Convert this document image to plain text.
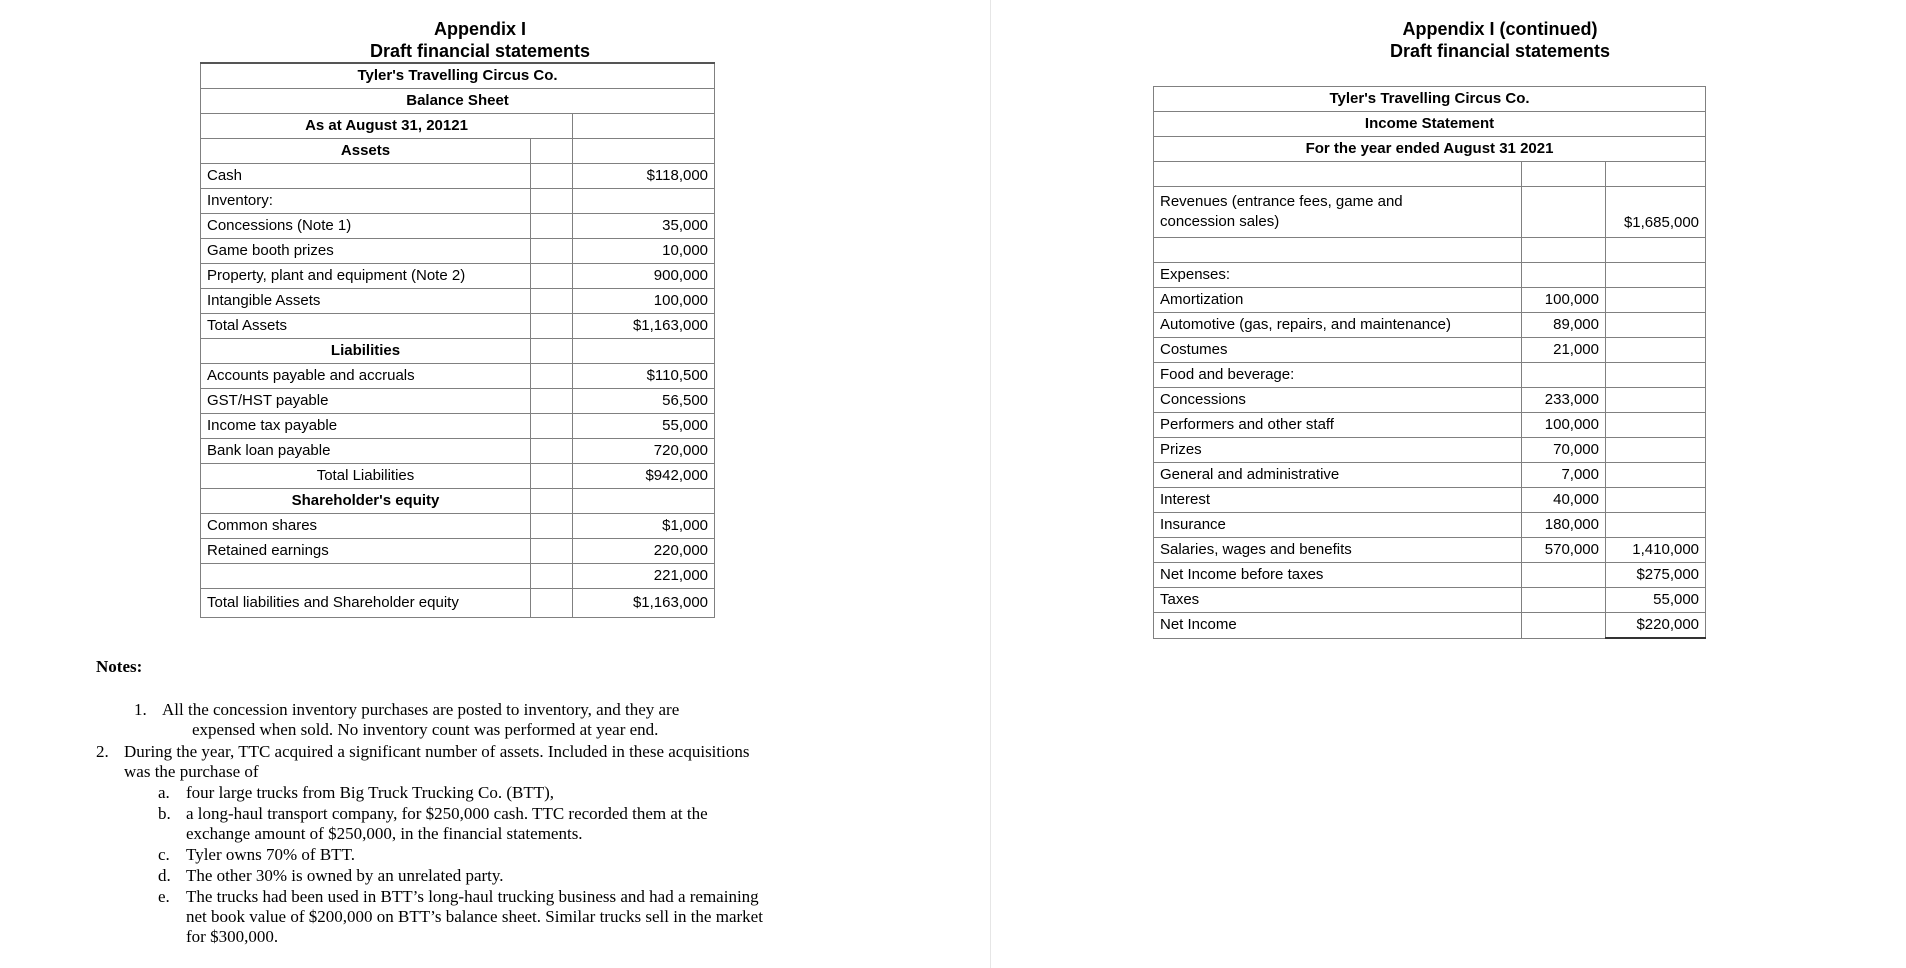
Appendix I
Draft financial statements
Tyler's Travelling Circus Co.		
Balance Sheet		
As at August 31, 20121		
Assets		
Cash		$118,000
Inventory:		
Concessions (Note 1)		35,000
Game booth prizes		10,000
Property, plant and equipment (Note 2)		900,000
Intangible Assets		100,000
Total Assets		$1,163,000
Liabilities		
Accounts payable and accruals		$110,500
GST/HST payable		56,500
Income tax payable		55,000
Bank loan payable		720,000
Total Liabilities		$942,000
Shareholder's equity		
Common shares		$1,000
Retained earnings		220,000
		221,000
Total liabilities and Shareholder equity		$1,163,000
Appendix I (continued)
Draft financial statements
Tyler's Travelling Circus Co.		
Income Statement		
For the year ended August 31 2021		

Revenues (entrance fees, game and
concession sales)		$1,685,000

Expenses:		
Amortization	100,000	
Automotive (gas, repairs, and maintenance)	89,000	
Costumes	21,000	
Food and beverage:		
Concessions	233,000	
Performers and other staff	100,000	
Prizes	70,000	
General and administrative	7,000	
Interest	40,000	
Insurance	180,000	
Salaries, wages and benefits	570,000	1,410,000
Net Income before taxes		$275,000
Taxes		55,000
Net Income		$220,000
Notes:
1. All the concession inventory purchases are posted to inventory, and they are
expensed when sold. No inventory count was performed at year end.
2. During the year, TTC acquired a significant number of assets. Included in these acquisitions
was the purchase of
a. four large trucks from Big Truck Trucking Co. (BTT),
b. a long-haul transport company, for $250,000 cash. TTC recorded them at the
exchange amount of $250,000, in the financial statements.
c. Tyler owns 70% of BTT.
d. The other 30% is owned by an unrelated party.
e. The trucks had been used in BTT’s long-haul trucking business and had a remaining
net book value of $200,000 on BTT’s balance sheet. Similar trucks sell in the market
for $300,000.
